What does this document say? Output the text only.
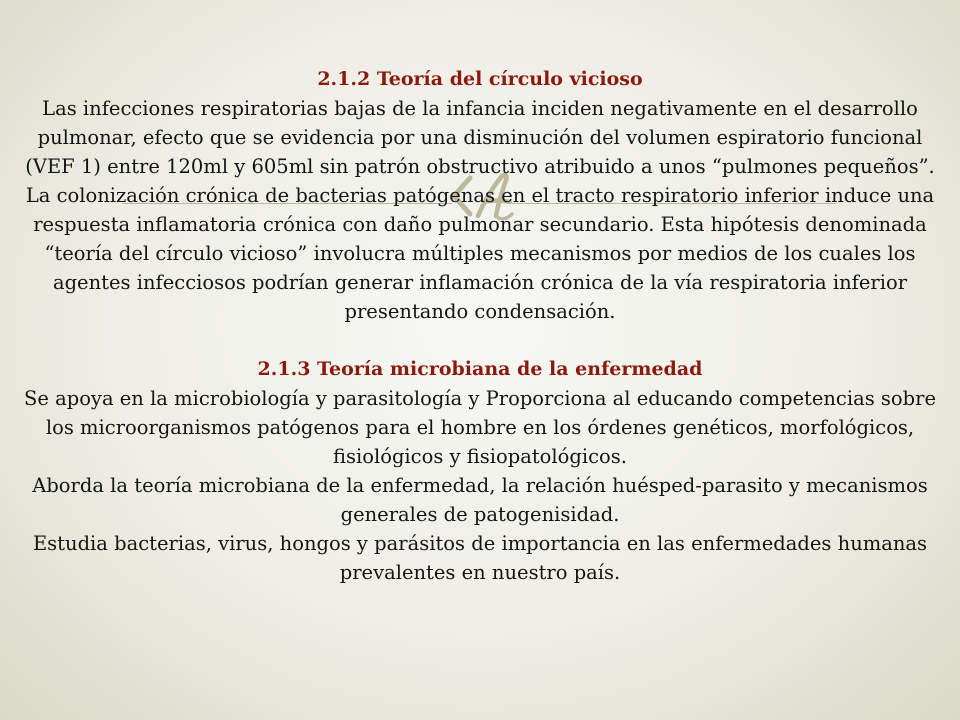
2.1.2 Teoría del círculo vicioso
Las infecciones respiratorias bajas de la infancia inciden negativamente en el desarrollo pulmonar, efecto que se evidencia por una disminución del volumen espiratorio funcional (VEF 1) entre 120ml y 605ml sin patrón obstructivo atribuido a unos “pulmones pequeños”.
La colonización crónica de bacterias patógenas en el tracto respiratorio inferior induce una respuesta inflamatoria crónica con daño pulmonar secundario. Esta hipótesis denominada “teoría del círculo vicioso” involucra múltiples mecanismos por medios de los cuales los agentes infecciosos podrían generar inflamación crónica de la vía respiratoria inferior presentando condensación.
2.1.3 Teoría microbiana de la enfermedad
Se apoya en la microbiología y parasitología y Proporciona al educando competencias sobre los microorganismos patógenos para el hombre en los órdenes genéticos, morfológicos, fisiológicos y fisiopatológicos.
Aborda la teoría microbiana de la enfermedad, la relación huésped-parasito y mecanismos generales de patogenisidad.
Estudia bacterias, virus, hongos y parásitos de importancia en las enfermedades humanas prevalentes en nuestro país.
